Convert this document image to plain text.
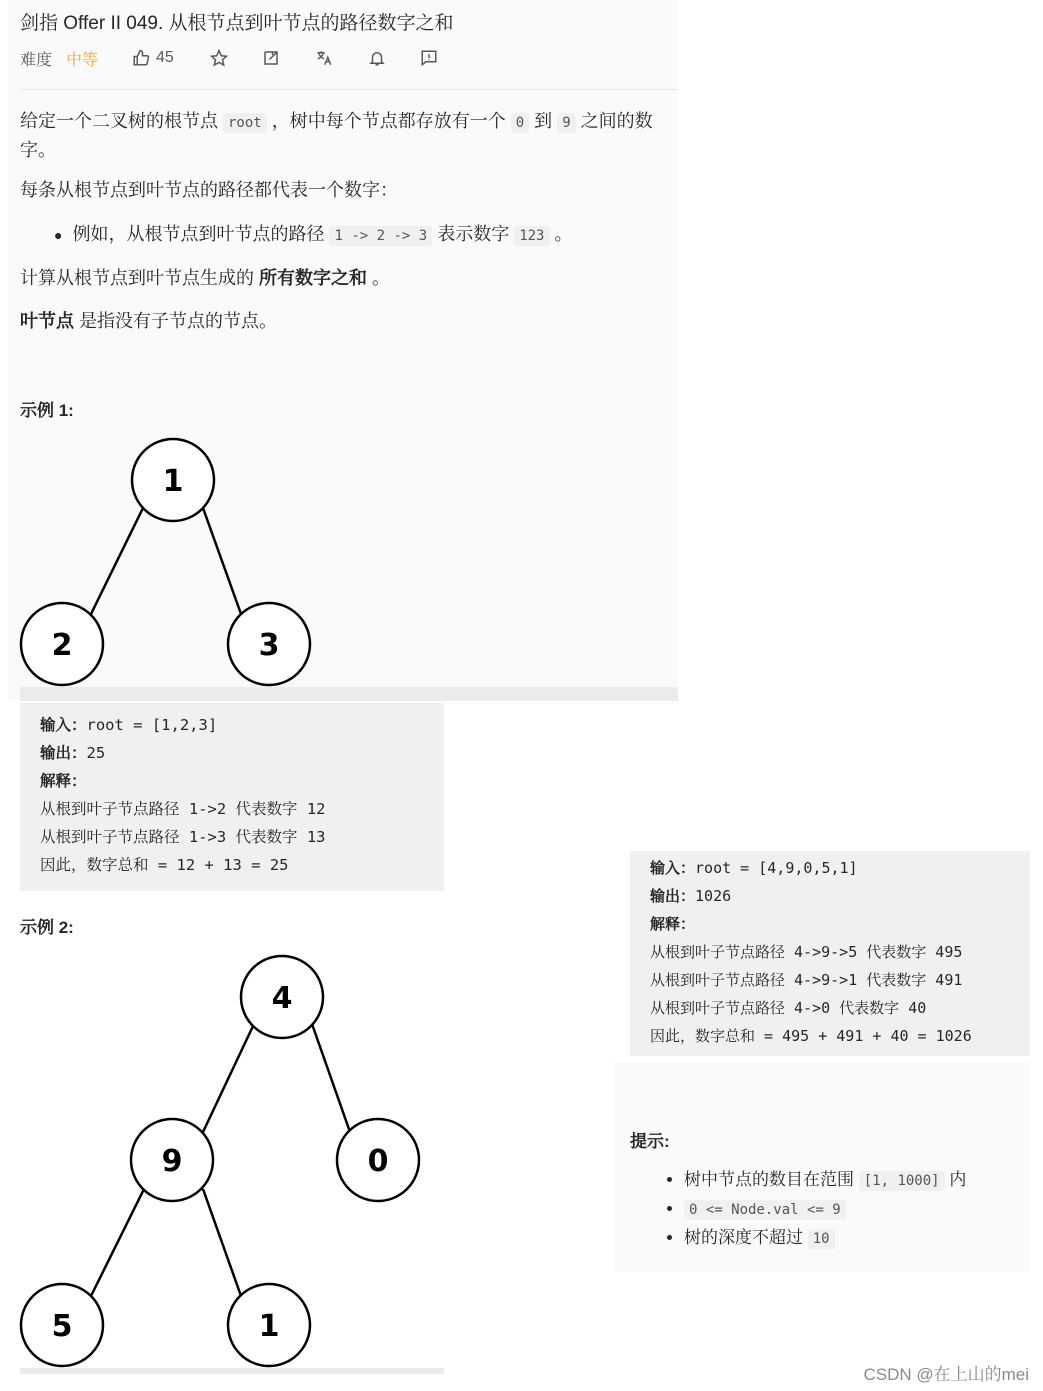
剑指 Offer II 049. 从根节点到叶节点的路径数字之和
难度 中等	45
给定一个二叉树的根节点 root ，树中每个节点都存放有一个 0 到 9 之间的数字。
每条从根节点到叶节点的路径都代表一个数字：
● 例如，从根节点到叶节点的路径 1 -> 2 -> 3 表示数字 123 。
计算从根节点到叶节点生成的 所有数字之和 。
叶节点 是指没有子节点的节点。
示例 1:
1
2	3
输入：root = [1,2,3]
输出：25
解释：
从根到叶子节点路径 1->2 代表数字 12
从根到叶子节点路径 1->3 代表数字 13
因此，数字总和 = 12 + 13 = 25
示例 2:
4
9	0
5	1
输入：root = [4,9,0,5,1]
输出：1026
解释：
从根到叶子节点路径 4->9->5 代表数字 495
从根到叶子节点路径 4->9->1 代表数字 491
从根到叶子节点路径 4->0 代表数字 40
因此，数字总和 = 495 + 491 + 40 = 1026
提示:
• 树中节点的数目在范围 [1, 1000] 内
• 0 <= Node.val <= 9
• 树的深度不超过 10
CSDN @在上山的mei
